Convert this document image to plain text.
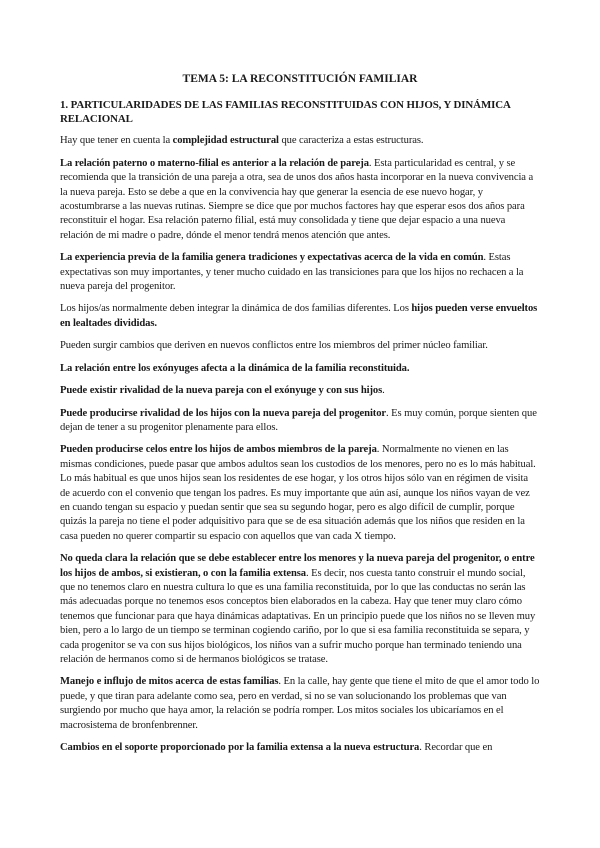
TEMA 5: LA RECONSTITUCIÓN FAMILIAR
1. PARTICULARIDADES DE LAS FAMILIAS RECONSTITUIDAS CON HIJOS, Y DINÁMICA RELACIONAL

Hay que tener en cuenta la complejidad estructural que caracteriza a estas estructuras.

La relación paterno o materno-filial es anterior a la relación de pareja. Esta particularidad es central, y se recomienda que la transición de una pareja a otra, sea de unos dos años hasta incorporar en la nueva convivencia a la nueva pareja. Esto se debe a que en la convivencia hay que generar la esencia de ese nuevo hogar, y acostumbrarse a las nuevas rutinas. Siempre se dice que por muchos factores hay que esperar esos dos años para reconstituir el hogar. Esa relación paterno filial, está muy consolidada y tiene que dejar espacio a una nueva relación de mi madre o padre, dónde el menor tendrá menos atención que antes.

La experiencia previa de la familia genera tradiciones y expectativas acerca de la vida en común. Estas expectativas son muy importantes, y tener mucho cuidado en las transiciones para que los hijos no rechacen a la nueva pareja del progenitor.

Los hijos/as normalmente deben integrar la dinámica de dos familias diferentes. Los hijos pueden verse envueltos en lealtades divididas.

Pueden surgir cambios que deriven en nuevos conflictos entre los miembros del primer núcleo familiar.

La relación entre los exónyuges afecta a la dinámica de la familia reconstituida.

Puede existir rivalidad de la nueva pareja con el exónyuge y con sus hijos.

Puede producirse rivalidad de los hijos con la nueva pareja del progenitor. Es muy común, porque sienten que dejan de tener a su progenitor plenamente para ellos.

Pueden producirse celos entre los hijos de ambos miembros de la pareja. Normalmente no vienen en las mismas condiciones, puede pasar que ambos adultos sean los custodios de los menores, pero no es lo más habitual. Lo más habitual es que unos hijos sean los residentes de ese hogar, y los otros hijos sólo van en régimen de visita de acuerdo con el convenio que tengan los padres. Es muy importante que aún así, aunque los niños vayan de vez en cuando tengan su espacio y puedan sentir que sea su segundo hogar, pero es algo difícil de cumplir, porque quizás la pareja no tiene el poder adquisitivo para que se de esa situación además que los niños que residen en la casa pueden no querer compartir su espacio con aquellos que van cada X tiempo.

No queda clara la relación que se debe establecer entre los menores y la nueva pareja del progenitor, o entre los hijos de ambos, si existieran, o con la familia extensa. Es decir, nos cuesta tanto construir el mundo social, que no tenemos claro en nuestra cultura lo que es una familia reconstituida, por lo que las conductas no serán las más adecuadas porque no tenemos esos conceptos bien elaborados en la cabeza. Hay que tener muy claro cómo tenemos que funcionar para que haya dinámicas adaptativas. En un principio puede que los niños no se lleven muy bien, pero a lo largo de un tiempo se terminan cogiendo cariño, por lo que si esa familia reconstituida se separa, y cada progenitor se va con sus hijos biológicos, los niños van a sufrir mucho porque han terminado teniendo una relación de hermanos como si de hermanos biológicos se tratase.

Manejo e influjo de mitos acerca de estas familias. En la calle, hay gente que tiene el mito de que el amor todo lo puede, y que tiran para adelante como sea, pero en verdad, si no se van solucionando los problemas que van surgiendo por mucho que haya amor, la relación se podría romper. Los mitos sociales los ubicaríamos en el macrosistema de bronfenbrenner.

Cambios en el soporte proporcionado por la familia extensa a la nueva estructura. Recordar que en
